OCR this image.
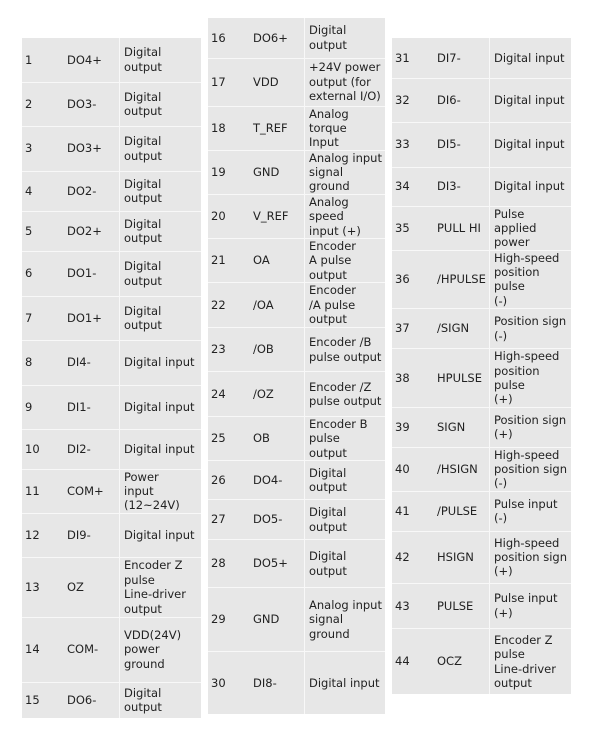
1	DO4+	Digital output

2	DO3-	Digital output

3	DO3+	Digital output

4	DO2-	Digital output

5	DO2+	Digital output

6	DO1-	Digital output

7	DO1+	Digital output

8	DI4-	Digital input

9	DI1-	Digital input

10	DI2-	Digital input

11	COM+	Power
input (12~24V)

12	DI9-	Digital input

13	OZ	Encoder Z
pulse
Line-driver
output

14	COM-	VDD(24V)
power
ground

15	DO6-	Digital output
16	DO6+	Digital output

17	VDD	+24V power
output (for
external I/O)

18	T_REF	Analog torque
Input

19	GND	Analog input
signal ground

20	V_REF	Analog speed
input (+)

21	OA	Encoder
A pulse output

22	/OA	Encoder
/A pulse output

23	/OB	Encoder /B
pulse output

24	/OZ	Encoder /Z
pulse output

25	OB	Encoder B pulse
output

26	DO4-	Digital output

27	DO5-	Digital output

28	DO5+	Digital output

29	GND	Analog input
signal ground

30	DI8-	Digital input
31	DI7-	Digital input

32	DI6-	Digital input

33	DI5-	Digital input

34	DI3-	Digital input

35	PULL HI	Pulse applied
power

36	/HPULSE	High-speed
position pulse
(-)

37	/SIGN	Position sign (-)

38	HPULSE	High-speed
position pulse
(+)

39	SIGN	Position sign
(+)

40	/HSIGN	High-speed
position sign (-)

41	/PULSE	Pulse input (-)

42	HSIGN	High-speed
position sign
(+)

43	PULSE	Pulse input (+)

44	OCZ	Encoder Z
pulse
Line-driver
output
